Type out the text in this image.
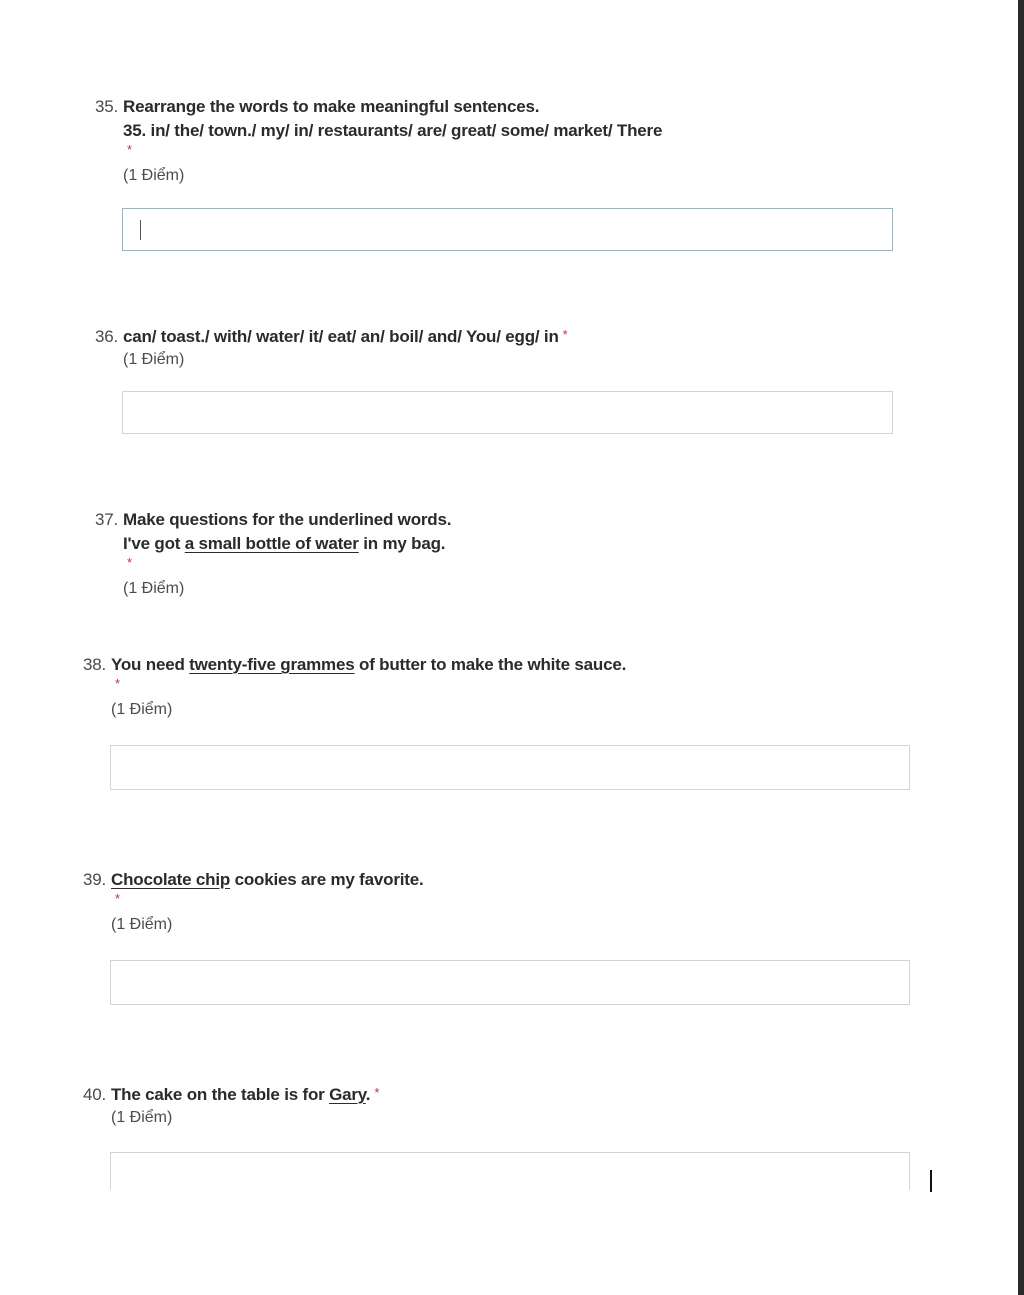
35. Rearrange the words to make meaningful sentences.
35. in/ the/ town./ my/ in/ restaurants/ are/ great/ some/ market/ There
*
(1 Điểm)
36. can/ toast./ with/ water/ it/ eat/ an/ boil/ and/ You/ egg/ in *
(1 Điểm)
37. Make questions for the underlined words.
I've got a small bottle of water in my bag.
*
(1 Điểm)
38. You need twenty-five grammes of butter to make the white sauce.
*
(1 Điểm)
39. Chocolate chip cookies are my favorite.
*
(1 Điểm)
40. The cake on the table is for Gary. *
(1 Điểm)
